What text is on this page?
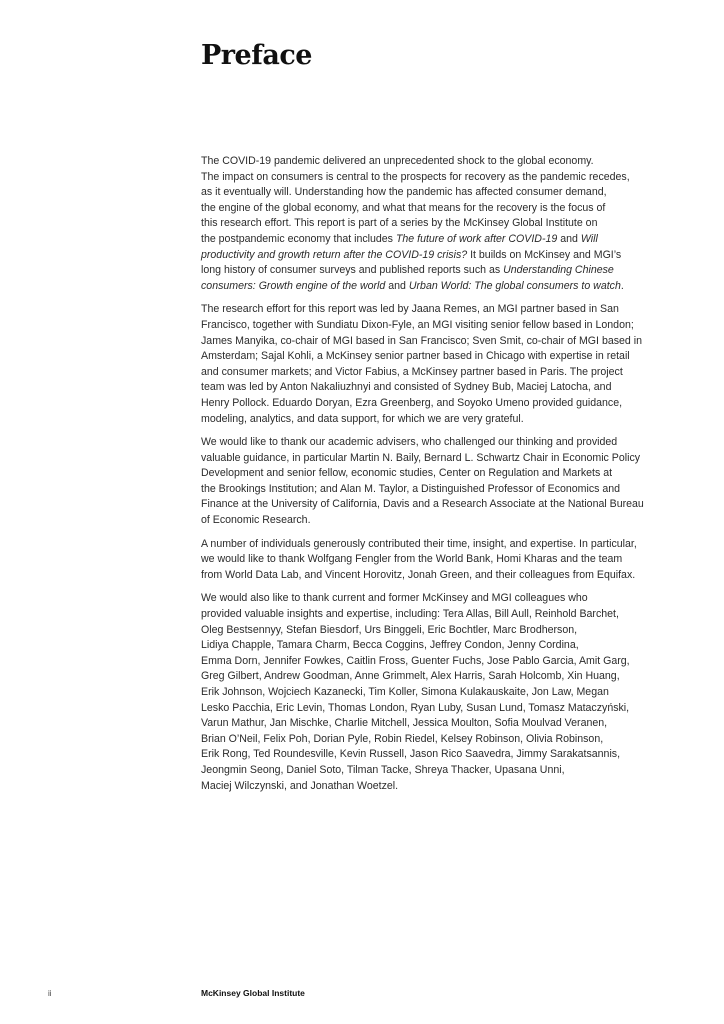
Preface

The COVID-19 pandemic delivered an unprecedented shock to the global economy.
The impact on consumers is central to the prospects for recovery as the pandemic recedes,
as it eventually will. Understanding how the pandemic has affected consumer demand,
the engine of the global economy, and what that means for the recovery is the focus of
this research effort. This report is part of a series by the McKinsey Global Institute on
the postpandemic economy that includes The future of work after COVID-19 and Will
productivity and growth return after the COVID-19 crisis? It builds on McKinsey and MGI’s
long history of consumer surveys and published reports such as Understanding Chinese
consumers: Growth engine of the world and Urban World: The global consumers to watch.

The research effort for this report was led by Jaana Remes, an MGI partner based in San
Francisco, together with Sundiatu Dixon-Fyle, an MGI visiting senior fellow based in London;
James Manyika, co-chair of MGI based in San Francisco; Sven Smit, co-chair of MGI based in
Amsterdam; Sajal Kohli, a McKinsey senior partner based in Chicago with expertise in retail
and consumer markets; and Victor Fabius, a McKinsey partner based in Paris. The project
team was led by Anton Nakaliuzhnyi and consisted of Sydney Bub, Maciej Latocha, and
Henry Pollock. Eduardo Doryan, Ezra Greenberg, and Soyoko Umeno provided guidance,
modeling, analytics, and data support, for which we are very grateful.

We would like to thank our academic advisers, who challenged our thinking and provided
valuable guidance, in particular Martin N. Baily, Bernard L. Schwartz Chair in Economic Policy
Development and senior fellow, economic studies, Center on Regulation and Markets at
the Brookings Institution; and Alan M. Taylor, a Distinguished Professor of Economics and
Finance at the University of California, Davis and a Research Associate at the National Bureau
of Economic Research.

A number of individuals generously contributed their time, insight, and expertise. In particular,
we would like to thank Wolfgang Fengler from the World Bank, Homi Kharas and the team
from World Data Lab, and Vincent Horovitz, Jonah Green, and their colleagues from Equifax.

We would also like to thank current and former McKinsey and MGI colleagues who
provided valuable insights and expertise, including: Tera Allas, Bill Aull, Reinhold Barchet,
Oleg Bestsennyy, Stefan Biesdorf, Urs Binggeli, Eric Bochtler, Marc Brodherson,
Lidiya Chapple, Tamara Charm, Becca Coggins, Jeffrey Condon, Jenny Cordina,
Emma Dorn, Jennifer Fowkes, Caitlin Fross, Guenter Fuchs, Jose Pablo Garcia, Amit Garg,
Greg Gilbert, Andrew Goodman, Anne Grimmelt, Alex Harris, Sarah Holcomb, Xin Huang,
Erik Johnson, Wojciech Kazanecki, Tim Koller, Simona Kulakauskaite, Jon Law, Megan
Lesko Pacchia, Eric Levin, Thomas London, Ryan Luby, Susan Lund, Tomasz Mataczyński,
Varun Mathur, Jan Mischke, Charlie Mitchell, Jessica Moulton, Sofia Moulvad Veranen,
Brian O’Neil, Felix Poh, Dorian Pyle, Robin Riedel, Kelsey Robinson, Olivia Robinson,
Erik Rong, Ted Roundesville, Kevin Russell, Jason Rico Saavedra, Jimmy Sarakatsannis,
Jeongmin Seong, Daniel Soto, Tilman Tacke, Shreya Thacker, Upasana Unni,
Maciej Wilczynski, and Jonathan Woetzel.

ii	McKinsey Global Institute
